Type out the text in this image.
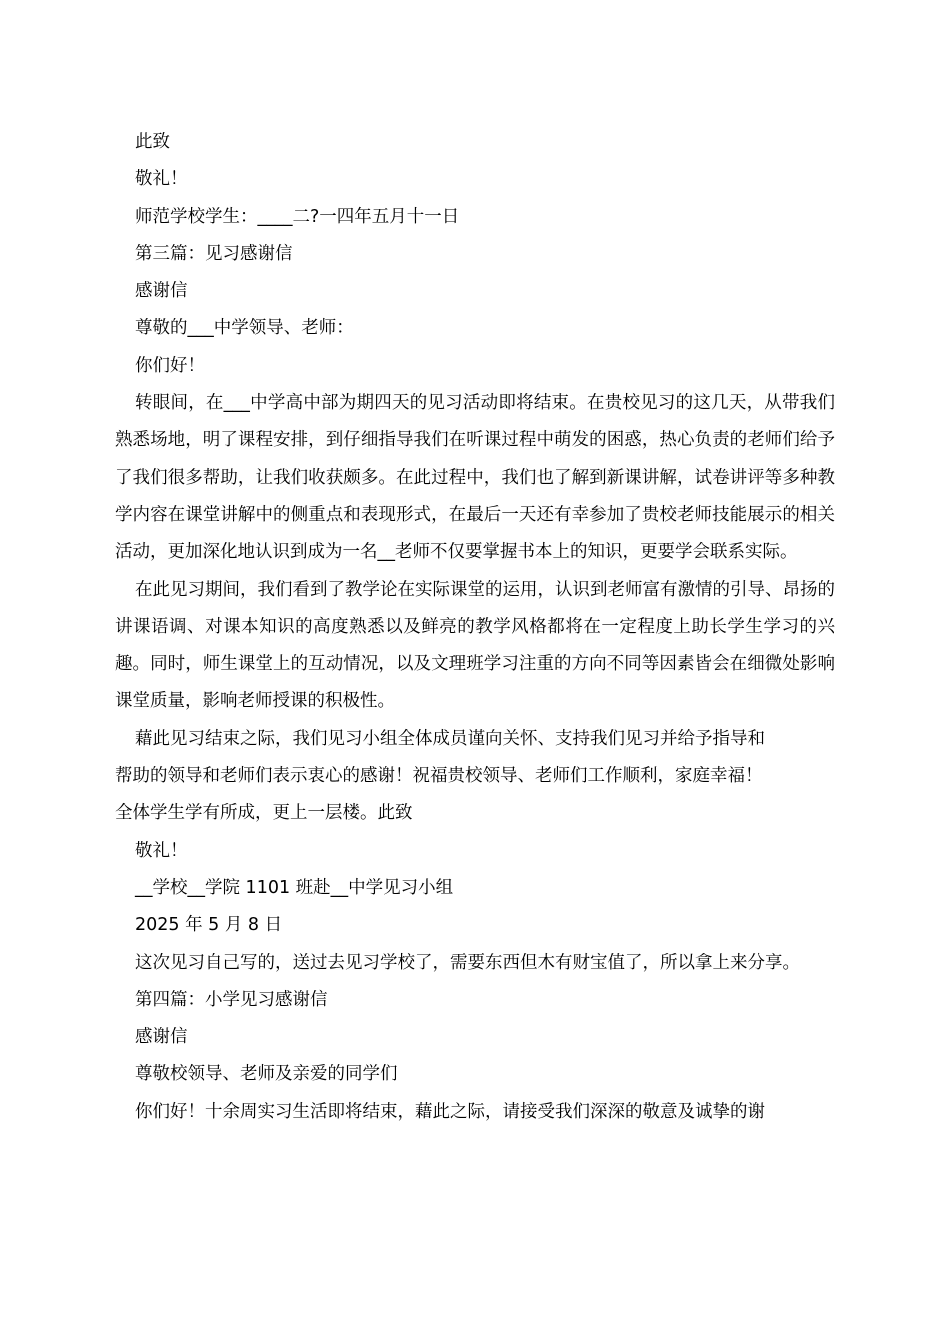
此致
敬礼！
师范学校学生：____二?一四年五月十一日
第三篇：见习感谢信
感谢信
尊敬的___中学领导、老师：
你们好！

转眼间，在___中学高中部为期四天的见习活动即将结束。在贵校见习的这几天，从带我们熟悉场地，明了课程安排，到仔细指导我们在听课过程中萌发的困惑，热心负责的老师们给予了我们很多帮助，让我们收获颇多。在此过程中，我们也了解到新课讲解，试卷讲评等多种教学内容在课堂讲解中的侧重点和表现形式，在最后一天还有幸参加了贵校老师技能展示的相关活动，更加深化地认识到成为一名__老师不仅要掌握书本上的知识，更要学会联系实际。

在此见习期间，我们看到了教学论在实际课堂的运用，认识到老师富有激情的引导、昂扬的讲课语调、对课本知识的高度熟悉以及鲜亮的教学风格都将在一定程度上助长学生学习的兴趣。同时，师生课堂上的互动情况，以及文理班学习注重的方向不同等因素皆会在细微处影响课堂质量，影响老师授课的积极性。

藉此见习结束之际，我们见习小组全体成员谨向关怀、支持我们见习并给予指导和
帮助的领导和老师们表示衷心的感谢！祝福贵校领导、老师们工作顺利，家庭幸福！
全体学生学有所成，更上一层楼。此致
敬礼！
__学校__学院 1101 班赴__中学见习小组
2025 年 5 月 8 日

这次见习自己写的，送过去见习学校了，需要东西但木有财宝值了，所以拿上来分享。

第四篇：小学见习感谢信
感谢信
尊敬校领导、老师及亲爱的同学们
你们好！十余周实习生活即将结束，藉此之际，请接受我们深深的敬意及诚挚的谢
